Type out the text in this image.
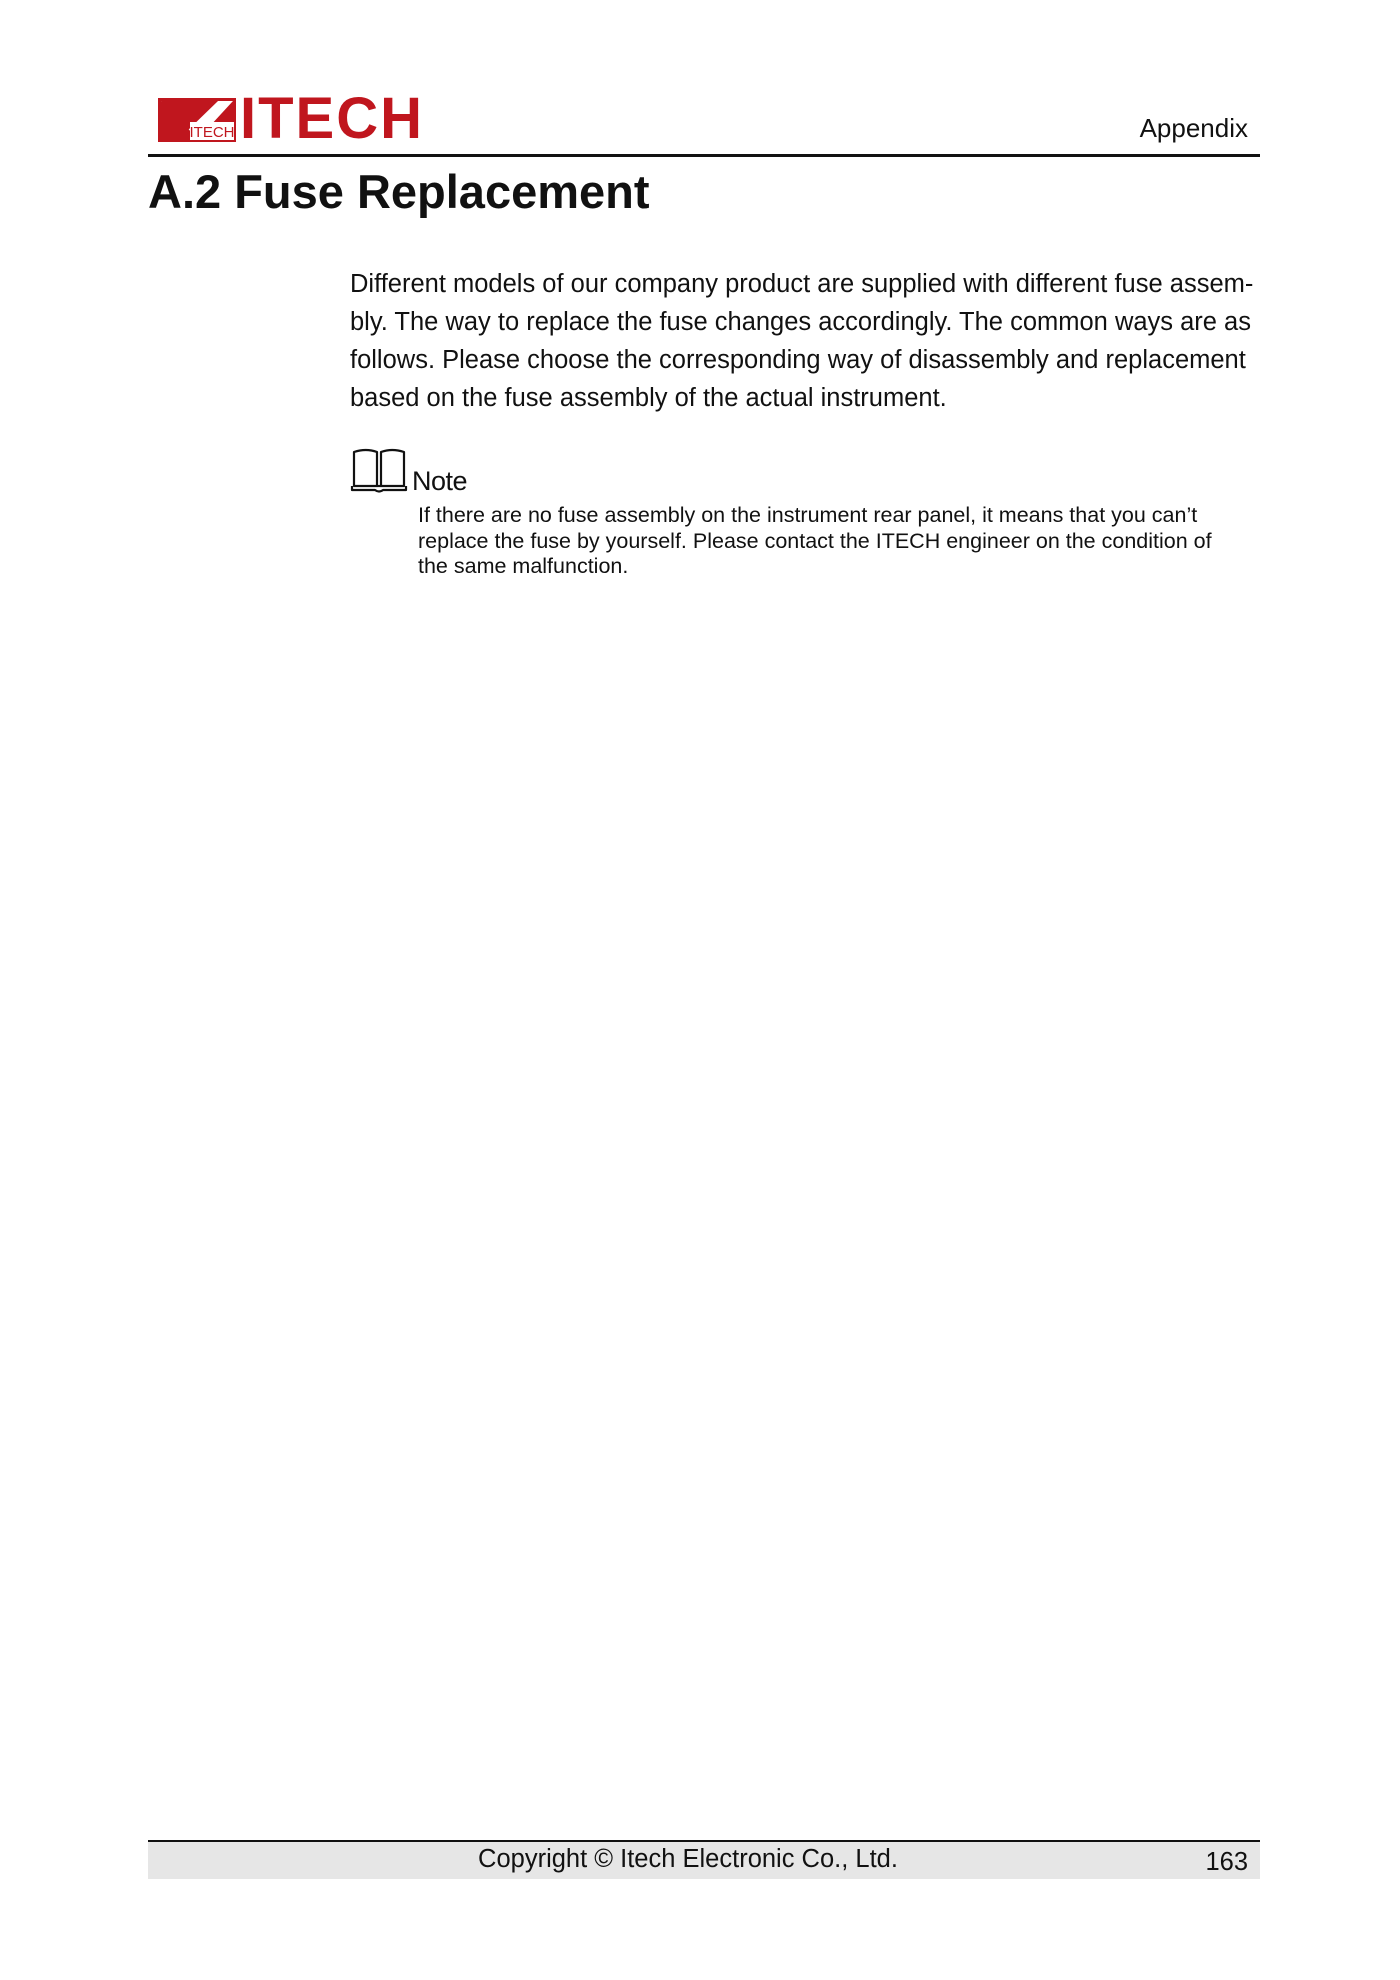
ITECH ITECH	Appendix
A.2 Fuse Replacement

Different models of our company product are supplied with different fuse assem-bly. The way to replace the fuse changes accordingly. The common ways are as follows. Please choose the corresponding way of disassembly and replacement based on the fuse assembly of the actual instrument.

Note

If there are no fuse assembly on the instrument rear panel, it means that you can’t replace the fuse by yourself. Please contact the ITECH engineer on the condition of the same malfunction.

Copyright © Itech Electronic Co., Ltd.	163
